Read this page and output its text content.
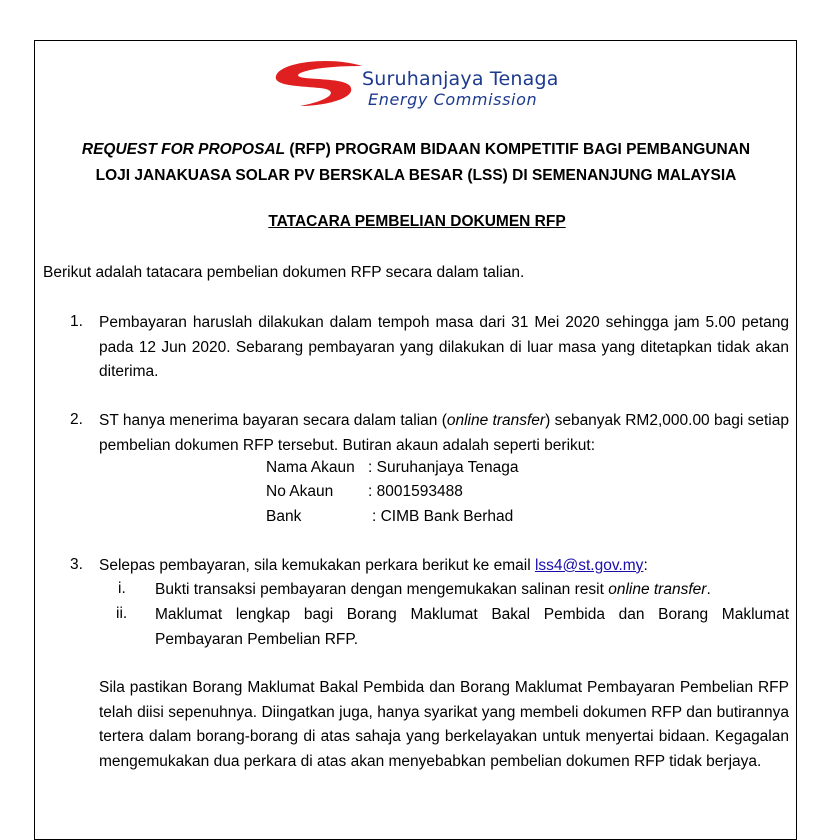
Suruhanjaya Tenaga
Energy Commission
REQUEST FOR PROPOSAL (RFP) PROGRAM BIDAAN KOMPETITIF BAGI PEMBANGUNAN
LOJI JANAKUASA SOLAR PV BERSKALA BESAR (LSS) DI SEMENANJUNG MALAYSIA
TATACARA PEMBELIAN DOKUMEN RFP
Berikut adalah tatacara pembelian dokumen RFP secara dalam talian.
1. Pembayaran haruslah dilakukan dalam tempoh masa dari 31 Mei 2020 sehingga jam 5.00 petang pada 12 Jun 2020. Sebarang pembayaran yang dilakukan di luar masa yang ditetapkan tidak akan diterima.
2. ST hanya menerima bayaran secara dalam talian (online transfer) sebanyak RM2,000.00 bagi setiap pembelian dokumen RFP tersebut. Butiran akaun adalah seperti berikut:
Nama Akaun : Suruhanjaya Tenaga
No Akaun : 8001593488
Bank	: CIMB Bank Berhad
3. Selepas pembayaran, sila kemukakan perkara berikut ke email lss4@st.gov.my:
i. Bukti transaksi pembayaran dengan mengemukakan salinan resit online transfer.
ii. Maklumat lengkap bagi Borang Maklumat Bakal Pembida dan Borang Maklumat Pembayaran Pembelian RFP.
Sila pastikan Borang Maklumat Bakal Pembida dan Borang Maklumat Pembayaran Pembelian RFP telah diisi sepenuhnya. Diingatkan juga, hanya syarikat yang membeli dokumen RFP dan butirannya tertera dalam borang-borang di atas sahaja yang berkelayakan untuk menyertai bidaan. Kegagalan mengemukakan dua perkara di atas akan menyebabkan pembelian dokumen RFP tidak berjaya.
